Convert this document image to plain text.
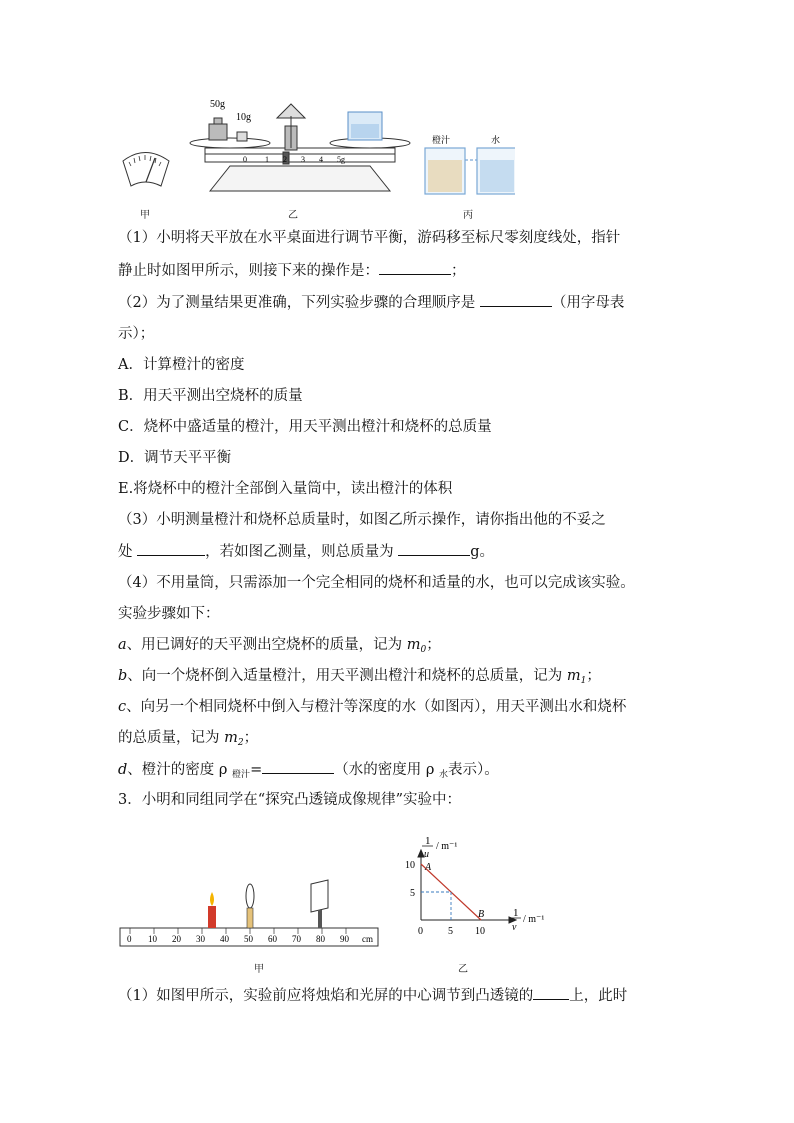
50g
10g
0 1 2 3 4 5g
橙汁	水
甲	乙	丙
（1）小明将天平放在水平桌面进行调节平衡，游码移至标尺零刻度线处，指针
静止时如图甲所示，则接下来的操作是：	；
（2）为了测量结果更准确，下列实验步骤的合理顺序是	（用字母表
示）；
A．计算橙汁的密度
B．用天平测出空烧杯的质量
C．烧杯中盛适量的橙汁，用天平测出橙汁和烧杯的总质量
D．调节天平平衡
E.将烧杯中的橙汁全部倒入量筒中，读出橙汁的体积
（3）小明测量橙汁和烧杯总质量时，如图乙所示操作，请你指出他的不妥之
处	，若如图乙测量，则总质量为	g。
（4）不用量筒，只需添加一个完全相同的烧杯和适量的水，也可以完成该实验。
实验步骤如下：
a、用已调好的天平测出空烧杯的质量，记为 $m_0$；
b、向一个烧杯倒入适量橙汁，用天平测出橙汁和烧杯的总质量，记为 $m_1$；
c、向另一个相同烧杯中倒入与橙汁等深度的水（如图丙），用天平测出水和烧杯
的总质量，记为 $m_2$；
d、橙汁的密度 ρ $_{橙汁}$=	（水的密度用 ρ $_水$表示）。
3．小明和同组同学在“探究凸透镜成像规律”实验中：
0 10 20 30 40 50 60 70 80 90 cm
甲
10
5
0	5 10
A
B
1
u
/ m⁻¹
1
v
/ m⁻¹
乙
（1）如图甲所示，实验前应将烛焰和光屏的中心调节到凸透镜的 上，此时
